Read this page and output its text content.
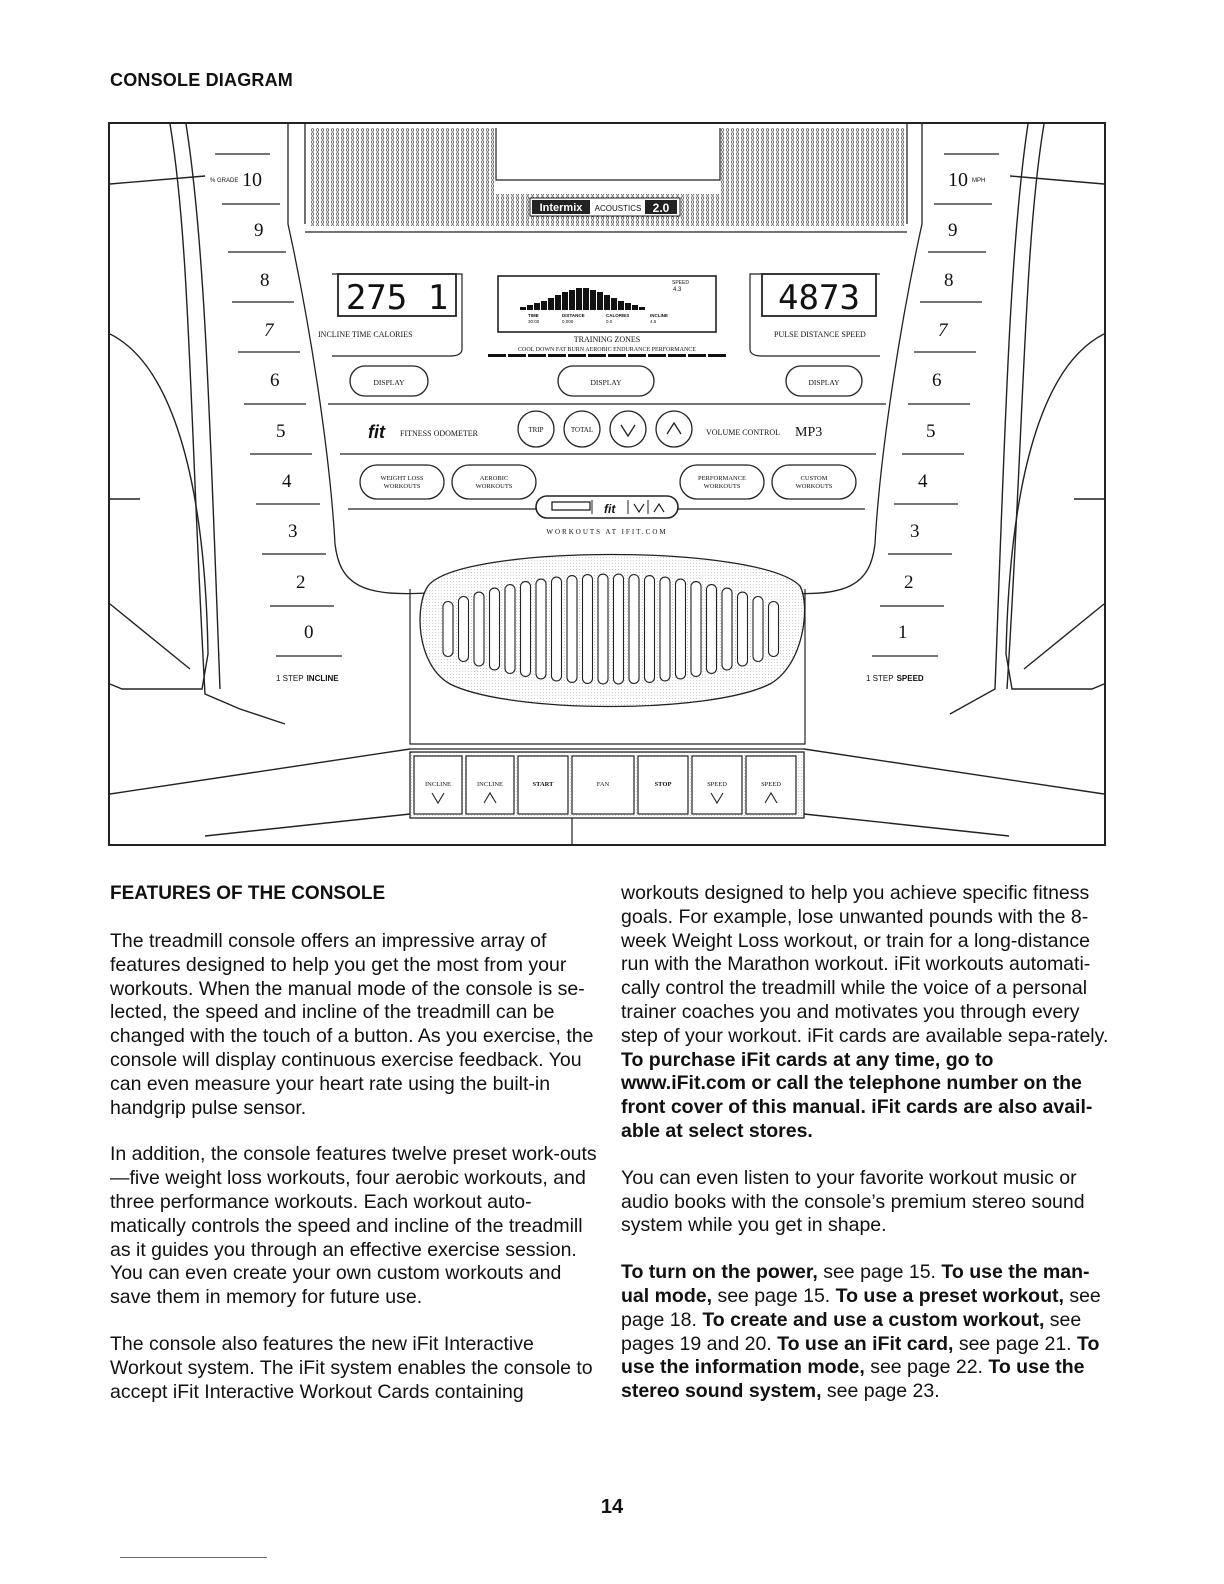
CONSOLE DIAGRAM
Intermix ACOUSTICS 2.0
% GRADE 10
9
8
7
6
5
4
3
2
0
1 STEP INCLINE
10 MPH
9
8
7
6
5
4
3
2
1
1 STEP SPEED
275 1
INCLINE TIME CALORIES
4873
PULSE DISTANCE SPEED
SPEED
4.3
TIME
30:00
DISTANCE
0.000
CALORIES
0.0
INCLINE
4.5
TRAINING ZONES
COOL DOWN FAT BURN AEROBIC ENDURANCE PERFORMANCE
DISPLAY	DISPLAY	DISPLAY
fit FITNESS ODOMETER	TRIP	TOTAL	VOLUME CONTROL MP3
WEIGHT LOSS
WORKOUTS
AEROBIC
WORKOUTS
PERFORMANCE
WORKOUTS
CUSTOM
WORKOUTS
fit
WORKOUTS AT IFIT.COM
INCLINE	INCLINE	START	FAN	STOP	SPEED	SPEED
FEATURES OF THE CONSOLE

The treadmill console offers an impressive array of features designed to help you get the most from your workouts. When the manual mode of the console is se-lected, the speed and incline of the treadmill can be changed with the touch of a button. As you exercise, the console will display continuous exercise feedback. You can even measure your heart rate using the built-in handgrip pulse sensor.

In addition, the console features twelve preset work-outs—five weight loss workouts, four aerobic workouts, and three performance workouts. Each workout auto-matically controls the speed and incline of the treadmill as it guides you through an effective exercise session. You can even create your own custom workouts and save them in memory for future use.

The console also features the new iFit Interactive Workout system. The iFit system enables the console to accept iFit Interactive Workout Cards containing

workouts designed to help you achieve specific fitness goals. For example, lose unwanted pounds with the 8-week Weight Loss workout, or train for a long-distance run with the Marathon workout. iFit workouts automati-cally control the treadmill while the voice of a personal trainer coaches you and motivates you through every step of your workout. iFit cards are available sepa-rately. To purchase iFit cards at any time, go to www.iFit.com or call the telephone number on the front cover of this manual. iFit cards are also avail-able at select stores.

You can even listen to your favorite workout music or audio books with the console’s premium stereo sound system while you get in shape.

To turn on the power, see page 15. To use the man-ual mode, see page 15. To use a preset workout, see page 18. To create and use a custom workout, see pages 19 and 20. To use an iFit card, see page 21. To use the information mode, see page 22. To use the stereo sound system, see page 23.

14
